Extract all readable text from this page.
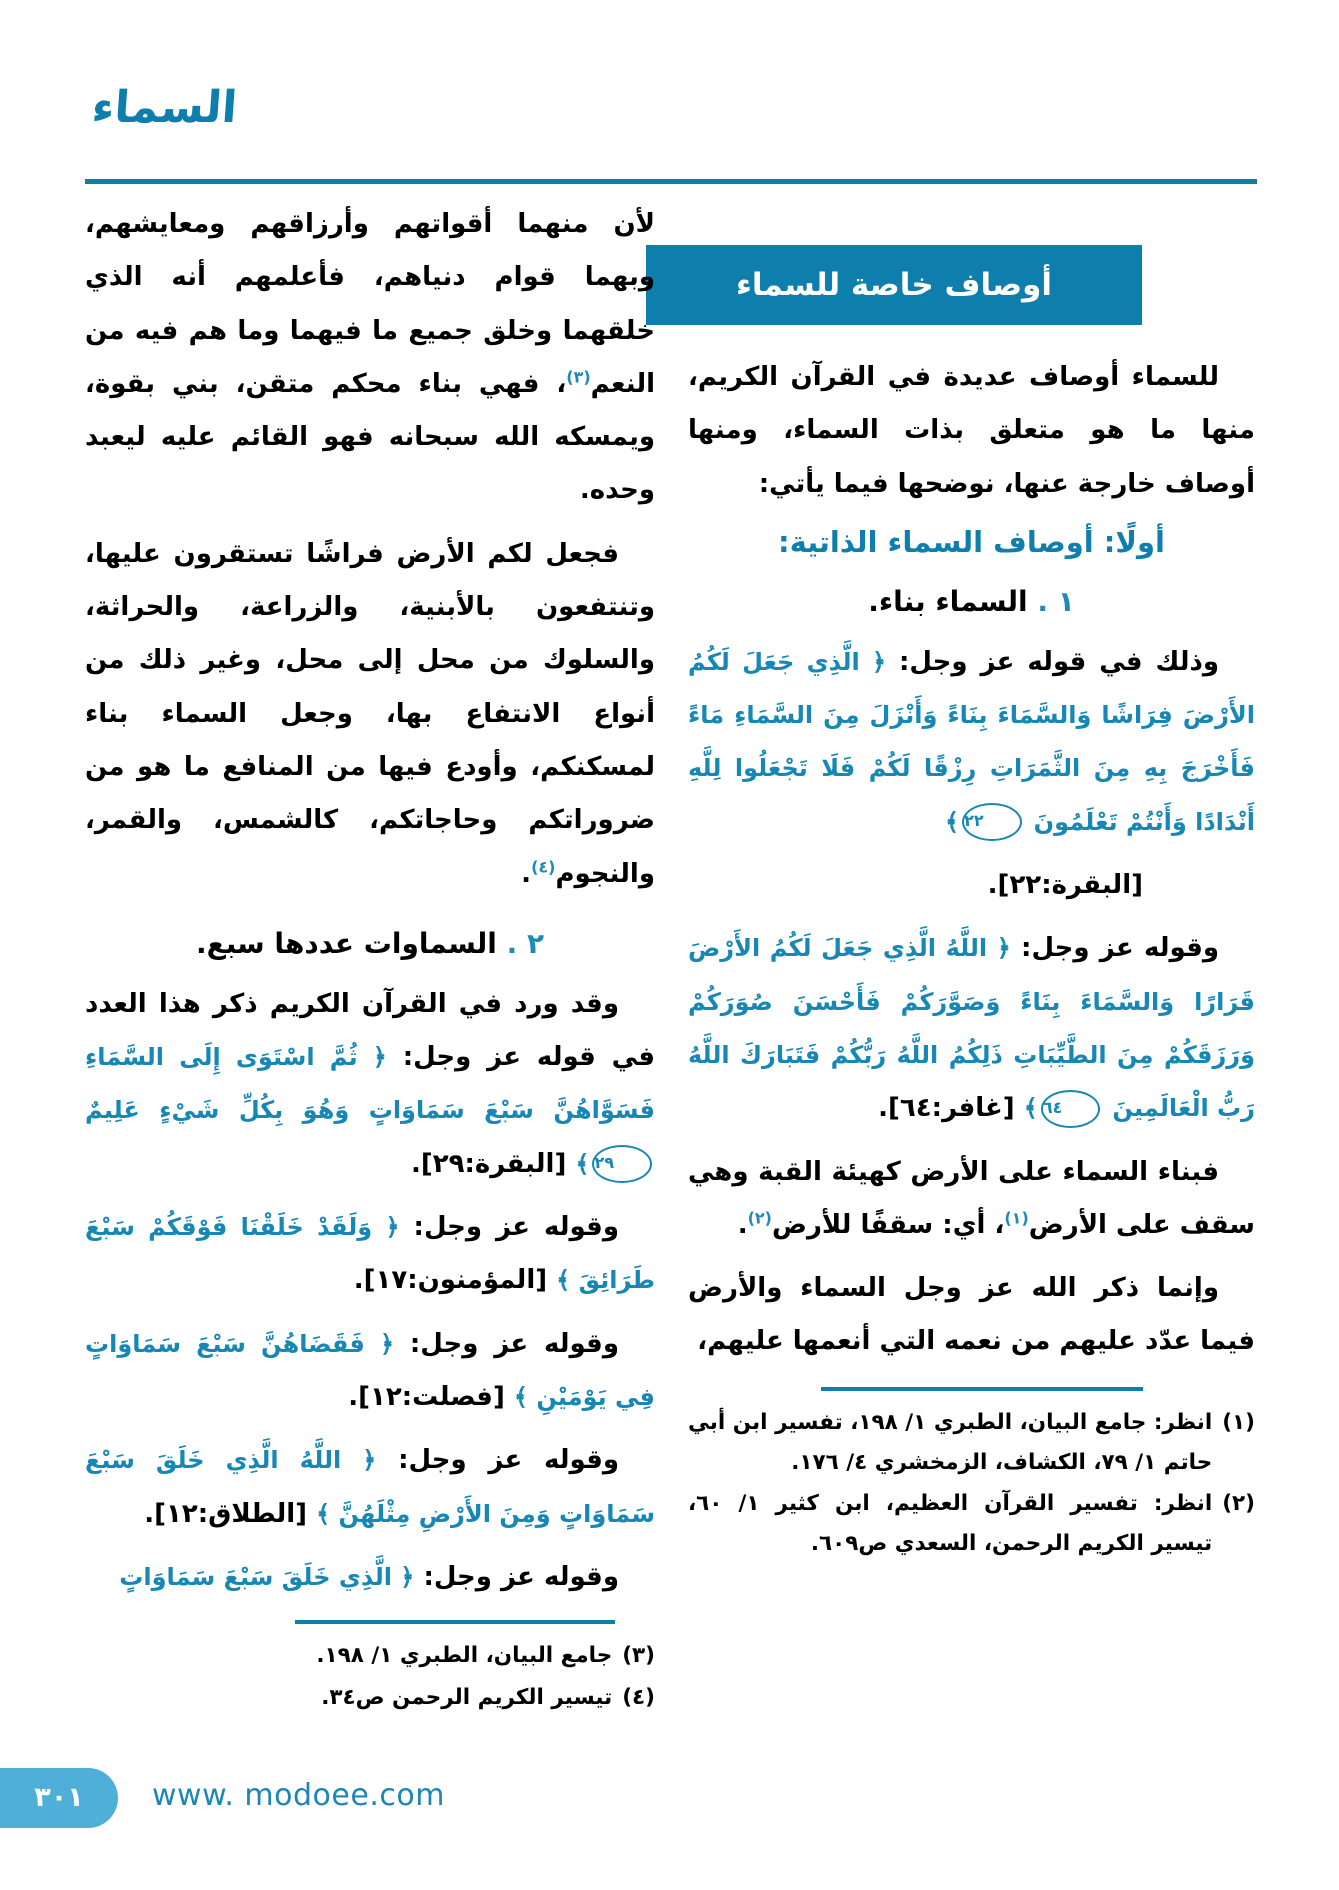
السماء
أوصاف خاصة للسماء

للسماء أوصاف عديدة في القرآن الكريم، منها ما هو متعلق بذات السماء، ومنها أوصاف خارجة عنها، نوضحها فيما يأتي:

أولًا: أوصاف السماء الذاتية:
١ . السماء بناء.

وذلك في قوله عز وجل: ﴿ الَّذِي جَعَلَ لَكُمُ الأَرْضَ فِرَاشًا وَالسَّمَاءَ بِنَاءً وَأَنْزَلَ مِنَ السَّمَاءِ مَاءً فَأَخْرَجَ بِهِ مِنَ الثَّمَرَاتِ رِزْقًا لَكُمْ فَلَا تَجْعَلُوا لِلَّهِ أَنْدَادًا وَأَنْتُمْ تَعْلَمُونَ ٢٢﴾

[البقرة:٢٢].

وقوله عز وجل: ﴿ اللَّهُ الَّذِي جَعَلَ لَكُمُ الأَرْضَ قَرَارًا وَالسَّمَاءَ بِنَاءً وَصَوَّرَكُمْ فَأَحْسَنَ صُوَرَكُمْ وَرَزَقَكُمْ مِنَ الطَّيِّبَاتِ ذَلِكُمُ اللَّهُ رَبُّكُمْ فَتَبَارَكَ اللَّهُ رَبُّ الْعَالَمِينَ ٦٤﴾ [غافر:٦٤].

فبناء السماء على الأرض كهيئة القبة وهي سقف على الأرض$^{(١)}$، أي: سقفًا للأرض$^{(٢)}$.

وإنما ذكر الله عز وجل السماء والأرض فيما عدّد عليهم من نعمه التي أنعمها عليهم،

(١)
انظر: جامع البيان، الطبري ١/ ١٩٨، تفسير ابن أبي حاتم ١/ ٧٩، الكشاف، الزمخشري ٤/ ١٧٦.
(٢)
انظر: تفسير القرآن العظيم، ابن كثير ١/ ٦٠، تيسير الكريم الرحمن، السعدي ص٦٠٩.

لأن منهما أقواتهم وأرزاقهم ومعايشهم، وبهما قوام دنياهم، فأعلمهم أنه الذي خلقهما وخلق جميع ما فيهما وما هم فيه من النعم$^{(٣)}$، فهي بناء محكم متقن، بني بقوة، ويمسكه الله سبحانه فهو القائم عليه ليعبد وحده.

فجعل لكم الأرض فراشًا تستقرون عليها، وتنتفعون بالأبنية، والزراعة، والحراثة، والسلوك من محل إلى محل، وغير ذلك من أنواع الانتفاع بها، وجعل السماء بناء لمسكنكم، وأودع فيها من المنافع ما هو من ضروراتكم وحاجاتكم، كالشمس، والقمر، والنجوم$^{(٤)}$.

٢ . السماوات عددها سبع.

وقد ورد في القرآن الكريم ذكر هذا العدد في قوله عز وجل: ﴿ ثُمَّ اسْتَوَى إِلَى السَّمَاءِ فَسَوَّاهُنَّ سَبْعَ سَمَاوَاتٍ وَهُوَ بِكُلِّ شَيْءٍ عَلِيمٌ ٢٩﴾ [البقرة:٢٩].

وقوله عز وجل: ﴿ وَلَقَدْ خَلَقْنَا فَوْقَكُمْ سَبْعَ طَرَائِقَ ﴾ [المؤمنون:١٧].

وقوله عز وجل: ﴿ فَقَضَاهُنَّ سَبْعَ سَمَاوَاتٍ فِي يَوْمَيْنِ ﴾ [فصلت:١٢].

وقوله عز وجل: ﴿ اللَّهُ الَّذِي خَلَقَ سَبْعَ سَمَاوَاتٍ وَمِنَ الأَرْضِ مِثْلَهُنَّ ﴾ [الطلاق:١٢].

وقوله عز وجل: ﴿ الَّذِي خَلَقَ سَبْعَ سَمَاوَاتٍ

(٣)
جامع البيان، الطبري ١/ ١٩٨.
(٤)
تيسير الكريم الرحمن ص٣٤.
٣٠١	www. modoee.com
